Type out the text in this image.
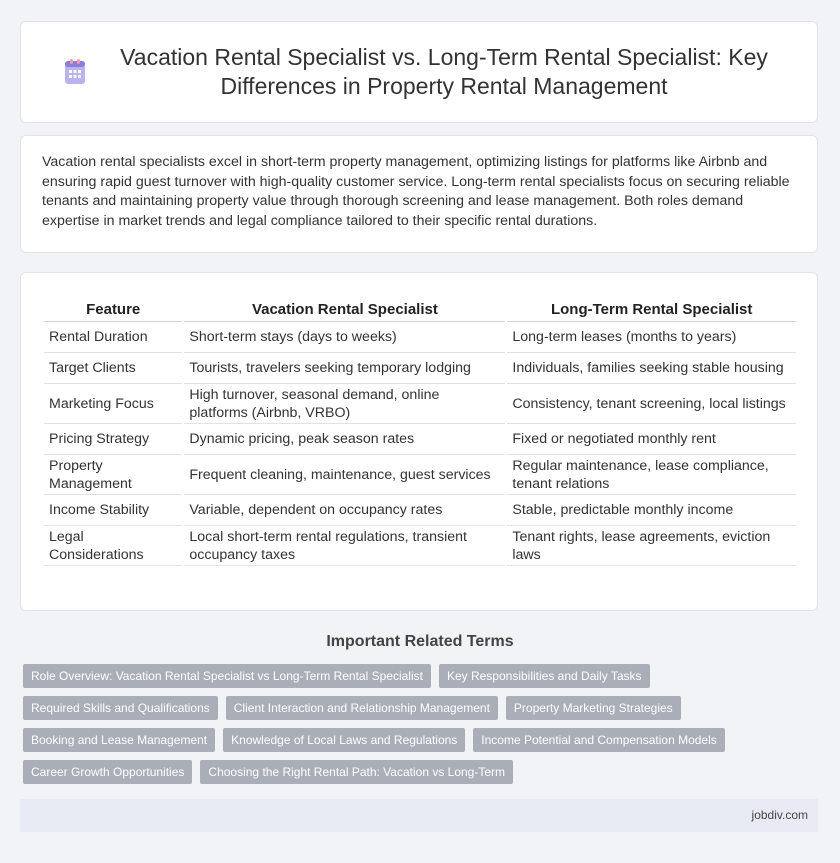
Vacation Rental Specialist vs. Long-Term Rental Specialist: Key Differences in Property Rental Management

Vacation rental specialists excel in short-term property management, optimizing listings for platforms like Airbnb and ensuring rapid guest turnover with high-quality customer service. Long-term rental specialists focus on securing reliable tenants and maintaining property value through thorough screening and lease management. Both roles demand expertise in market trends and legal compliance tailored to their specific rental durations.

Feature	Vacation Rental Specialist	Long-Term Rental Specialist
Rental Duration	Short-term stays (days to weeks)	Long-term leases (months to years)
Target Clients	Tourists, travelers seeking temporary lodging	Individuals, families seeking stable housing
Marketing Focus	High turnover, seasonal demand, online platforms (Airbnb, VRBO)	Consistency, tenant screening, local listings
Pricing Strategy	Dynamic pricing, peak season rates	Fixed or negotiated monthly rent
Property Management	Frequent cleaning, maintenance, guest services	Regular maintenance, lease compliance, tenant relations
Income Stability	Variable, dependent on occupancy rates	Stable, predictable monthly income
Legal Considerations	Local short-term rental regulations, transient occupancy taxes	Tenant rights, lease agreements, eviction laws
Important Related Terms
Role Overview: Vacation Rental Specialist vs Long-Term Rental Specialist	Key Responsibilities and Daily Tasks
Required Skills and Qualifications	Client Interaction and Relationship Management	Property Marketing Strategies
Booking and Lease Management	Knowledge of Local Laws and Regulations	Income Potential and Compensation Models
Career Growth Opportunities	Choosing the Right Rental Path: Vacation vs Long-Term
jobdiv.com
